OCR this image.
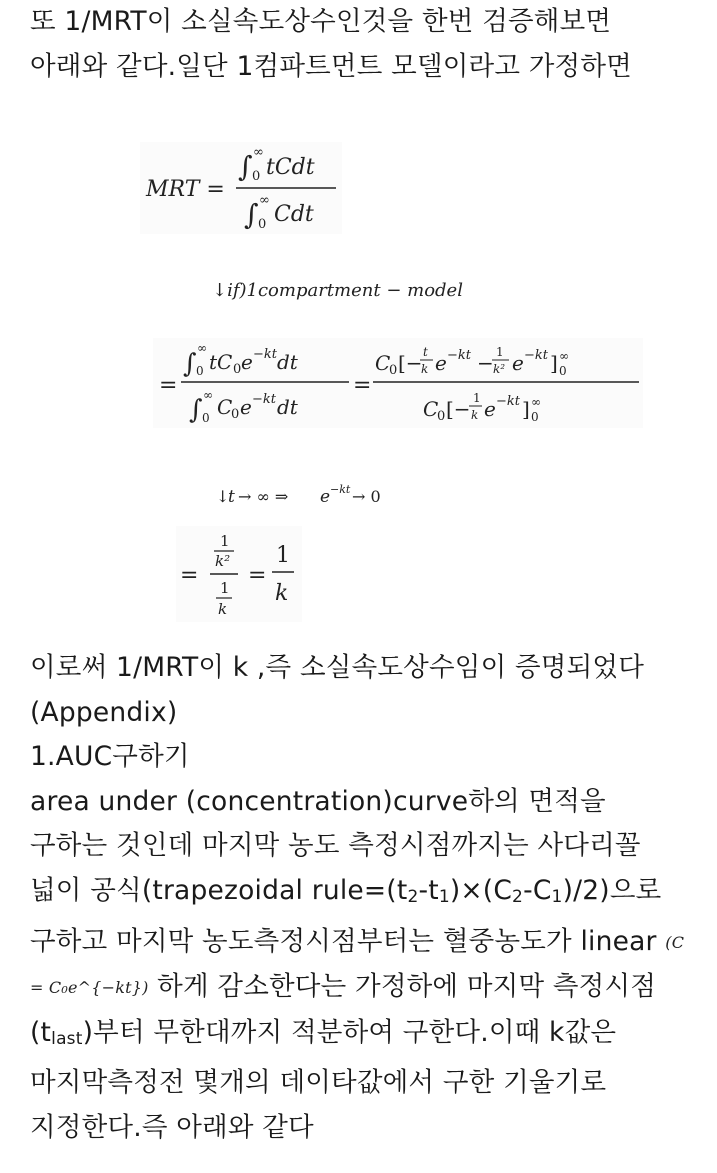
또 1/MRT이 소실속도상수인것을 한번 검증해보면 아래와 같다.일단 1컴파트먼트 모델이라고 가정하면
MRT =
∫ ∞
0 tCdt
∫ ∞
0 Cdt
↓if)1compartment − model
=
∫
∞
0 tC 0 e −kt dt
∫ ∞
0 C
0 e −kt dt
=
C
0 [− t
k e −kt − 1
k² e −kt ] ∞
0
C
0 [− 1
k e −kt ] ∞
0
↓
t → ∞ ⇒ e −kt → 0
=
1
k²
1
k
=
1
k
이로써 1/MRT이 k ,즉 소실속도상수임이 증명되었다
(Appendix)
1.AUC구하기
area under (concentration)curve하의 면적을 구하는 것인데 마지막 농도 측정시점까지는 사다리꼴 넓이 공식(trapezoidal rule=(t2-t1)×(C2-C1)/2)으로 구하고 마지막 농도측정시점부터는 혈중농도가 linear (C = C₀e^{−kt}) 하게 감소한다는 가정하에 마지막 측정시점(tlast)부터 무한대까지 적분하여 구한다.이때 k값은 마지막측정전 몇개의 데이타값에서 구한 기울기로 지정한다.즉 아래와 같다
